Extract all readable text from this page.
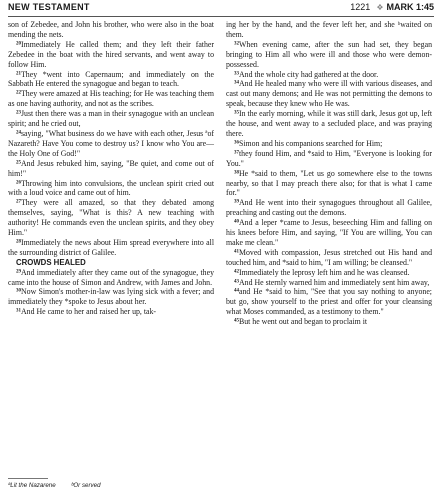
NEW TESTAMENT	1221 ❖ MARK 1:45

son of Zebedee, and John his brother, who were also in the boat mending the nets.

$^{20}$Immediately He called them; and they left their father Zebedee in the boat with the hired servants, and went away to follow Him.

$^{21}$They *went into Capernaum; and immediately on the Sabbath He entered the synagogue and began to teach.

$^{22}$They were amazed at His teaching; for He was teaching them as one having authority, and not as the scribes.

$^{23}$Just then there was a man in their synagogue with an unclean spirit; and he cried out,

$^{24}$saying, "What business do we have with each other, Jesus ªof Nazareth? Have You come to destroy us? I know who You are—the Holy One of God!"

$^{25}$And Jesus rebuked him, saying, "Be quiet, and come out of him!"

$^{26}$Throwing him into convulsions, the unclean spirit cried out with a loud voice and came out of him.

$^{27}$They were all amazed, so that they debated among themselves, saying, "What is this? A new teaching with authority! He commands even the unclean spirits, and they obey Him."

$^{28}$Immediately the news about Him spread everywhere into all the surrounding district of Galilee.

CROWDS HEALED

$^{29}$And immediately after they came out of the synagogue, they came into the house of Simon and Andrew, with James and John.

$^{30}$Now Simon's mother-in-law was lying sick with a fever; and immediately they *spoke to Jesus about her.

$^{31}$And He came to her and raised her up, tak-

ing her by the hand, and the fever left her, and she ᵇwaited on them.

$^{32}$When evening came, after the sun had set, they began bringing to Him all who were ill and those who were demon-possessed.

$^{33}$And the whole city had gathered at the door.

$^{34}$And He healed many who were ill with various diseases, and cast out many demons; and He was not permitting the demons to speak, because they knew who He was.

$^{35}$In the early morning, while it was still dark, Jesus got up, left the house, and went away to a secluded place, and was praying there.

$^{36}$Simon and his companions searched for Him;

$^{37}$they found Him, and *said to Him, "Everyone is looking for You."

$^{38}$He *said to them, "Let us go somewhere else to the towns nearby, so that I may preach there also; for that is what I came for."

$^{39}$And He went into their synagogues throughout all Galilee, preaching and casting out the demons.

$^{40}$And a leper *came to Jesus, beseeching Him and falling on his knees before Him, and saying, "If You are willing, You can make me clean."

$^{41}$Moved with compassion, Jesus stretched out His hand and touched him, and *said to him, "I am willing; be cleansed."

$^{42}$Immediately the leprosy left him and he was cleansed.

$^{43}$And He sternly warned him and immediately sent him away,

$^{44}$and He *said to him, "See that you say nothing to anyone; but go, show yourself to the priest and offer for your cleansing what Moses commanded, as a testimony to them."

$^{45}$But he went out and began to proclaim it

ªLit the Nazarene	ᵇOr served
